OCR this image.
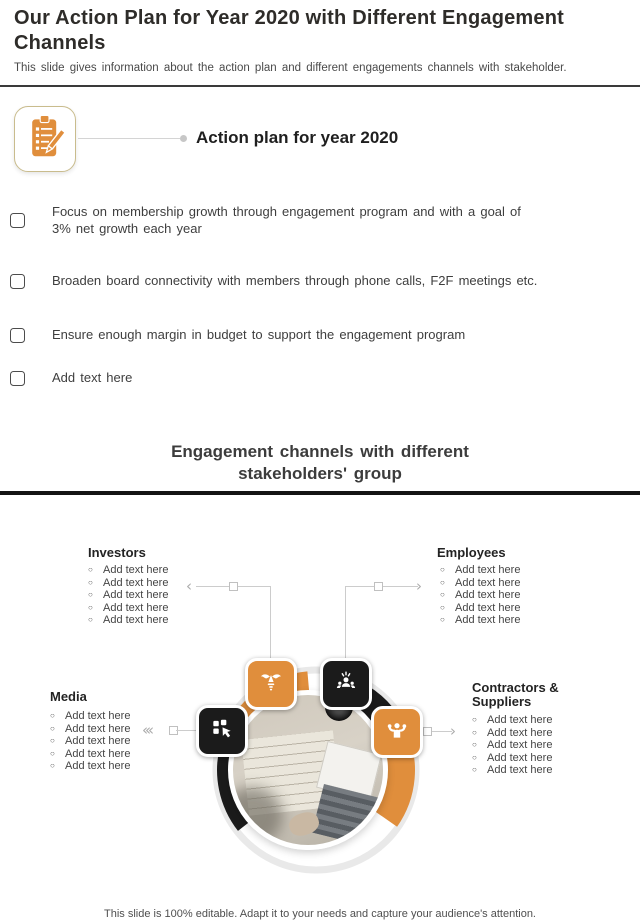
Our Action Plan for Year 2020 with Different Engagement Channels
This slide gives information about the action plan and different engagements channels with stakeholder.
Action plan for year 2020
Focus on membership growth through engagement program and with a goal of 3% net growth each year
Broaden board connectivity with members through phone calls, F2F meetings etc.
Ensure enough margin in budget to support the engagement program
Add text here
Engagement channels with different stakeholders' group
Investors
○ Add text here
○ Add text here
○ Add text here
○ Add text here
○ Add text here
Employees
○ Add text here
○ Add text here
○ Add text here
○ Add text here
○ Add text here
Media
○ Add text here
○ Add text here
○ Add text here
○ Add text here
○ Add text here
Contractors & Suppliers
○ Add text here
○ Add text here
○ Add text here
○ Add text here
○ Add text here
‹	›
‹‹‹	›
This slide is 100% editable. Adapt it to your needs and capture your audience's attention.
